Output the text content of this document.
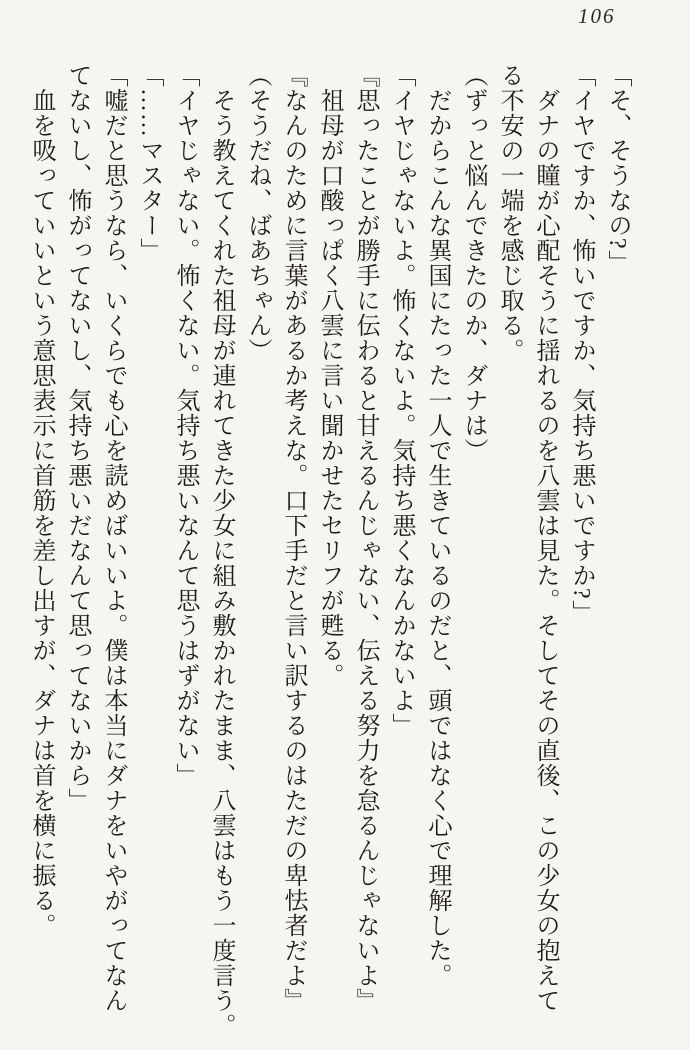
106

「そ、そうなの?」

「イヤですか、怖いですか、気持ち悪いですか?」

　ダナの瞳が心配そうに揺れるのを八雲は見た。そしてその直後、この少女の抱えて

る不安の一端を感じ取る。

（ずっと悩んできたのか、ダナは）

　だからこんな異国にたった一人で生きているのだと、頭ではなく心で理解した。

「イヤじゃないよ。怖くないよ。気持ち悪くなんかないよ」

『思ったことが勝手に伝わると甘えるんじゃない、伝える努力を怠るんじゃないよ』

　祖母が口酸っぱく八雲に言い聞かせたセリフが甦る。

『なんのために言葉があるか考えな。口下手だと言い訳するのはただの卑怯者だよ』

（そうだね、ばあちゃん）

　そう教えてくれた祖母が連れてきた少女に組み敷かれたまま、八雲はもう一度言う。

「イヤじゃない。怖くない。気持ち悪いなんて思うはずがない」

「……マスター」

「嘘だと思うなら、いくらでも心を読めばいいよ。僕は本当にダナをいやがってなん

てないし、怖がってないし、気持ち悪いだなんて思ってないから」

　血を吸っていいという意思表示に首筋を差し出すが、ダナは首を横に振る。
